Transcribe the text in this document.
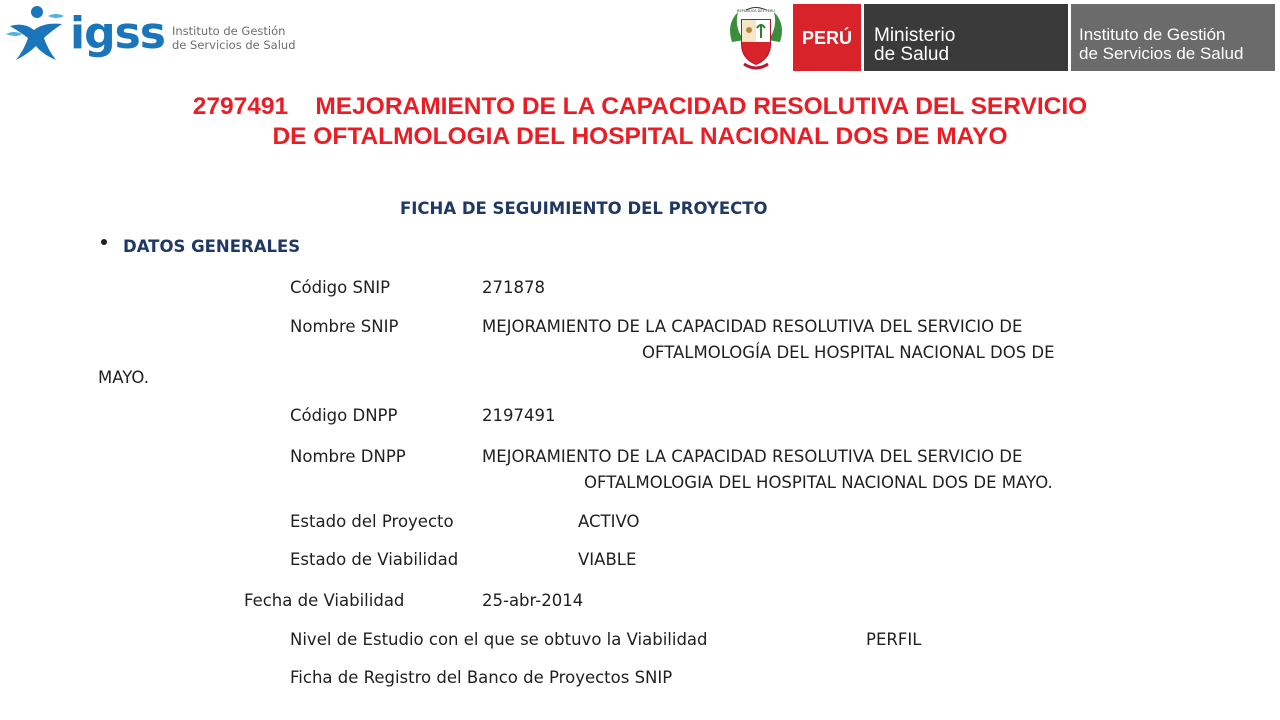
igss Instituto de Gestión
de Servicios de Salud
REPUBLICA DEL PERU
PERÚ	Ministerio
de Salud
Instituto de Gestión
de Servicios de Salud
2797491    MEJORAMIENTO DE LA CAPACIDAD RESOLUTIVA DEL SERVICIO
DE OFTALMOLOGIA DEL HOSPITAL NACIONAL DOS DE MAYO
FICHA DE SEGUIMIENTO DEL PROYECTO
DATOS GENERALES
Código SNIP	271878
Nombre SNIP	MEJORAMIENTO DE LA CAPACIDAD RESOLUTIVA DEL SERVICIO DE
OFTALMOLOGÍA DEL HOSPITAL NACIONAL DOS DE
MAYO.
Código DNPP	2197491
Nombre DNPP	MEJORAMIENTO DE LA CAPACIDAD RESOLUTIVA DEL SERVICIO DE
OFTALMOLOGIA DEL HOSPITAL NACIONAL DOS DE MAYO.
Estado del Proyecto	ACTIVO
Estado de Viabilidad	VIABLE
Fecha de Viabilidad	25-abr-2014
Nivel de Estudio con el que se obtuvo la Viabilidad	PERFIL
Ficha de Registro del Banco de Proyectos SNIP
